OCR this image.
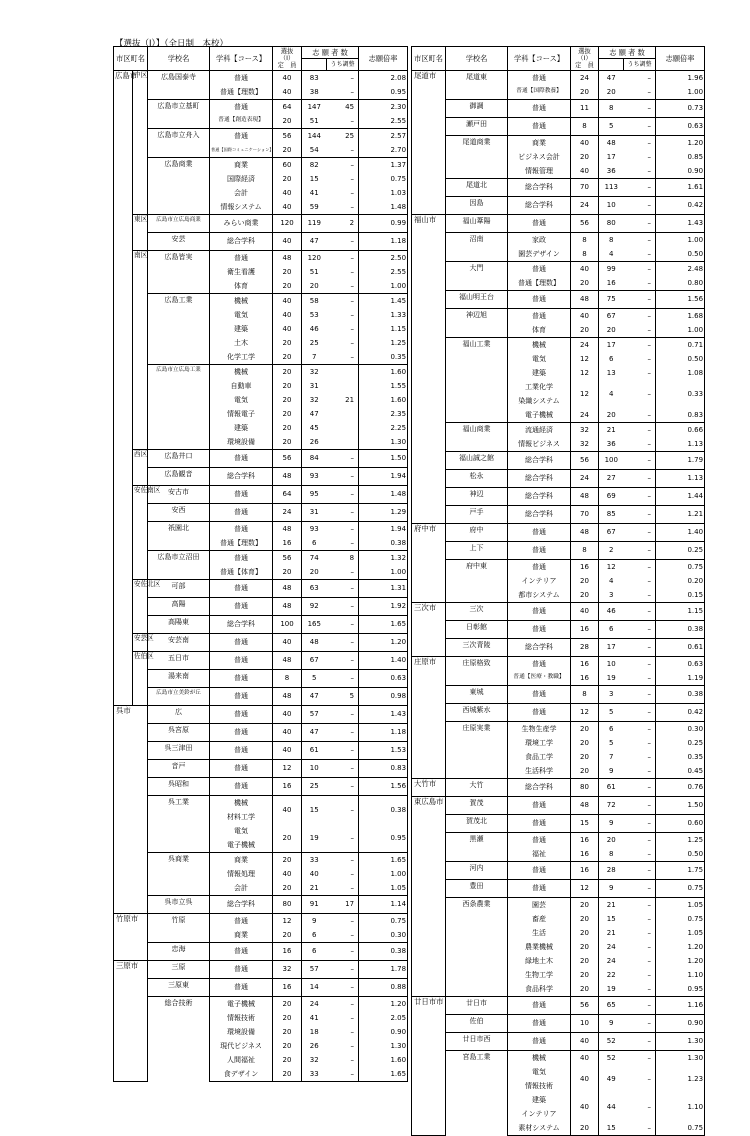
【選抜（Ⅰ）】（全日制　本校）
市区町名		学校名	学科【コース】	選抜
（Ⅰ）
定　員	志 願 者 数		志願倍率
						うち調整	
広島市	中区	広島国泰寺	普通	40	83	–	2.08
			普通【理数】	40	38	–	0.95
		広島市立基町	普通	64	147	45	2.30
			普通【創造表現】	20	51	–	2.55
		広島市立舟入	普通	56	144	25	2.57
			普通【国際コミュニケーション】	20	54	–	2.70
		広島商業	商業	60	82	–	1.37
			国際経済	20	15	–	0.75
			会計	40	41	–	1.03
			情報システム	40	59	–	1.48
	東区	広島市立広島商業	みらい商業	120	119	2	0.99
		安芸	総合学科	40	47	–	1.18
	南区	広島皆実	普通	48	120	–	2.50
			衛生看護	20	51	–	2.55
			体育	20	20	–	1.00
		広島工業	機械	40	58	–	1.45
			電気	40	53	–	1.33
			建築	40	46	–	1.15
			土木	20	25	–	1.25
			化学工学	20	7	–	0.35
		広島市立広島工業	機械	20	32		1.60
			自動車	20	31		1.55
			電気	20	32	21	1.60
			情報電子	20	47		2.35
			建築	20	45		2.25
			環境設備	20	26		1.30
	西区	広島井口	普通	56	84	–	1.50
		広島観音	総合学科	48	93	–	1.94
	安佐南区	安古市	普通	64	95	–	1.48
		安西	普通	24	31	–	1.29
		祇園北	普通	48	93	–	1.94
			普通【理数】	16	6	–	0.38
		広島市立沼田	普通	56	74	8	1.32
			普通【体育】	20	20	–	1.00
	安佐北区	可部	普通	48	63	–	1.31
		高陽	普通	48	92	–	1.92
		高陽東	総合学科	100	165	–	1.65
	安芸区	安芸南	普通	40	48	–	1.20
	佐伯区	五日市	普通	48	67	–	1.40
		湯来南	普通	8	5	–	0.63
		広島市立美鈴が丘	普通	48	47	5	0.98
呉市		広	普通	40	57	–	1.43
		呉宮原	普通	40	47	–	1.18
		呉三津田	普通	40	61	–	1.53
		音戸	普通	12	10	–	0.83
		呉昭和	普通	16	25	–	1.56
		呉工業	機械	40	15	–	0.38
			材料工学				
			電気	20	19	–	0.95
			電子機械				
		呉商業	商業	20	33	–	1.65
			情報処理	40	40	–	1.00
			会計	20	21	–	1.05
		呉市立呉	総合学科	80	91	17	1.14
竹原市		竹原	普通	12	9	–	0.75
			商業	20	6	–	0.30
		忠海	普通	16	6	–	0.38
三原市		三原	普通	32	57	–	1.78
		三原東	普通	16	14	–	0.88
		総合技術	電子機械	20	24	–	1.20
			情報技術	20	41	–	2.05
			環境設備	20	18	–	0.90
			現代ビジネス	20	26	–	1.30
			人間福祉	20	32	–	1.60
			食デザイン	20	33	–	1.65
市区町名	学校名	学科【コース】	選抜
（Ⅰ）
定　員	志 願 者 数		志願倍率
					うち調整	
尾道市	尾道東	普通	24	47	–	1.96
		普通【国際教養】	20	20	–	1.00
	御調	普通	11	8	–	0.73
	瀬戸田	普通	8	5	–	0.63
	尾道商業	商業	40	48	–	1.20
		ビジネス会計	20	17	–	0.85
		情報管理	40	36	–	0.90
	尾道北	総合学科	70	113	–	1.61
	因島	総合学科	24	10	–	0.42
福山市	福山葦陽	普通	56	80	–	1.43
	沼南	家政	8	8	–	1.00
		園芸デザイン	8	4	–	0.50
	大門	普通	40	99	–	2.48
		普通【理数】	20	16	–	0.80
	福山明王台	普通	48	75	–	1.56
	神辺旭	普通	40	67	–	1.68
		体育	20	20	–	1.00
	福山工業	機械	24	17	–	0.71
		電気	12	6	–	0.50
		建築	12	13	–	1.08
		工業化学	12	4	–	0.33
		染織システム				
		電子機械	24	20	–	0.83
	福山商業	流通経済	32	21	–	0.66
		情報ビジネス	32	36	–	1.13
	福山誠之館	総合学科	56	100	–	1.79
	松永	総合学科	24	27	–	1.13
	神辺	総合学科	48	69	–	1.44
	戸手	総合学科	70	85	–	1.21
府中市	府中	普通	48	67	–	1.40
	上下	普通	8	2	–	0.25
	府中東	普通	16	12	–	0.75
		インテリア	20	4	–	0.20
		都市システム	20	3	–	0.15
三次市	三次	普通	40	46	–	1.15
	日彰館	普通	16	6	–	0.38
	三次青陵	総合学科	28	17	–	0.61
庄原市	庄原格致	普通	16	10	–	0.63
		普通【医療・教職】	16	19	–	1.19
	東城	普通	8	3	–	0.38
	西城紫水	普通	12	5	–	0.42
	庄原実業	生物生産学	20	6	–	0.30
		環境工学	20	5	–	0.25
		食品工学	20	7	–	0.35
		生活科学	20	9	–	0.45
大竹市	大竹	総合学科	80	61	–	0.76
東広島市	賀茂	普通	48	72	–	1.50
	賀茂北	普通	15	9	–	0.60
	黒瀬	普通	16	20	–	1.25
		福祉	16	8	–	0.50
	河内	普通	16	28	–	1.75
	豊田	普通	12	9	–	0.75
	西条農業	園芸	20	21	–	1.05
		畜産	20	15	–	0.75
		生活	20	21	–	1.05
		農業機械	20	24	–	1.20
		緑地土木	20	24	–	1.20
		生物工学	20	22	–	1.10
		食品科学	20	19	–	0.95
廿日市市	廿日市	普通	56	65	–	1.16
	佐伯	普通	10	9	–	0.90
	廿日市西	普通	40	52	–	1.30
	宮島工業	機械	40	52	–	1.30
		電気	40	49	–	1.23
		情報技術				
		建築	40	44	–	1.10
		インテリア				
		素材システム	20	15	–	0.75
